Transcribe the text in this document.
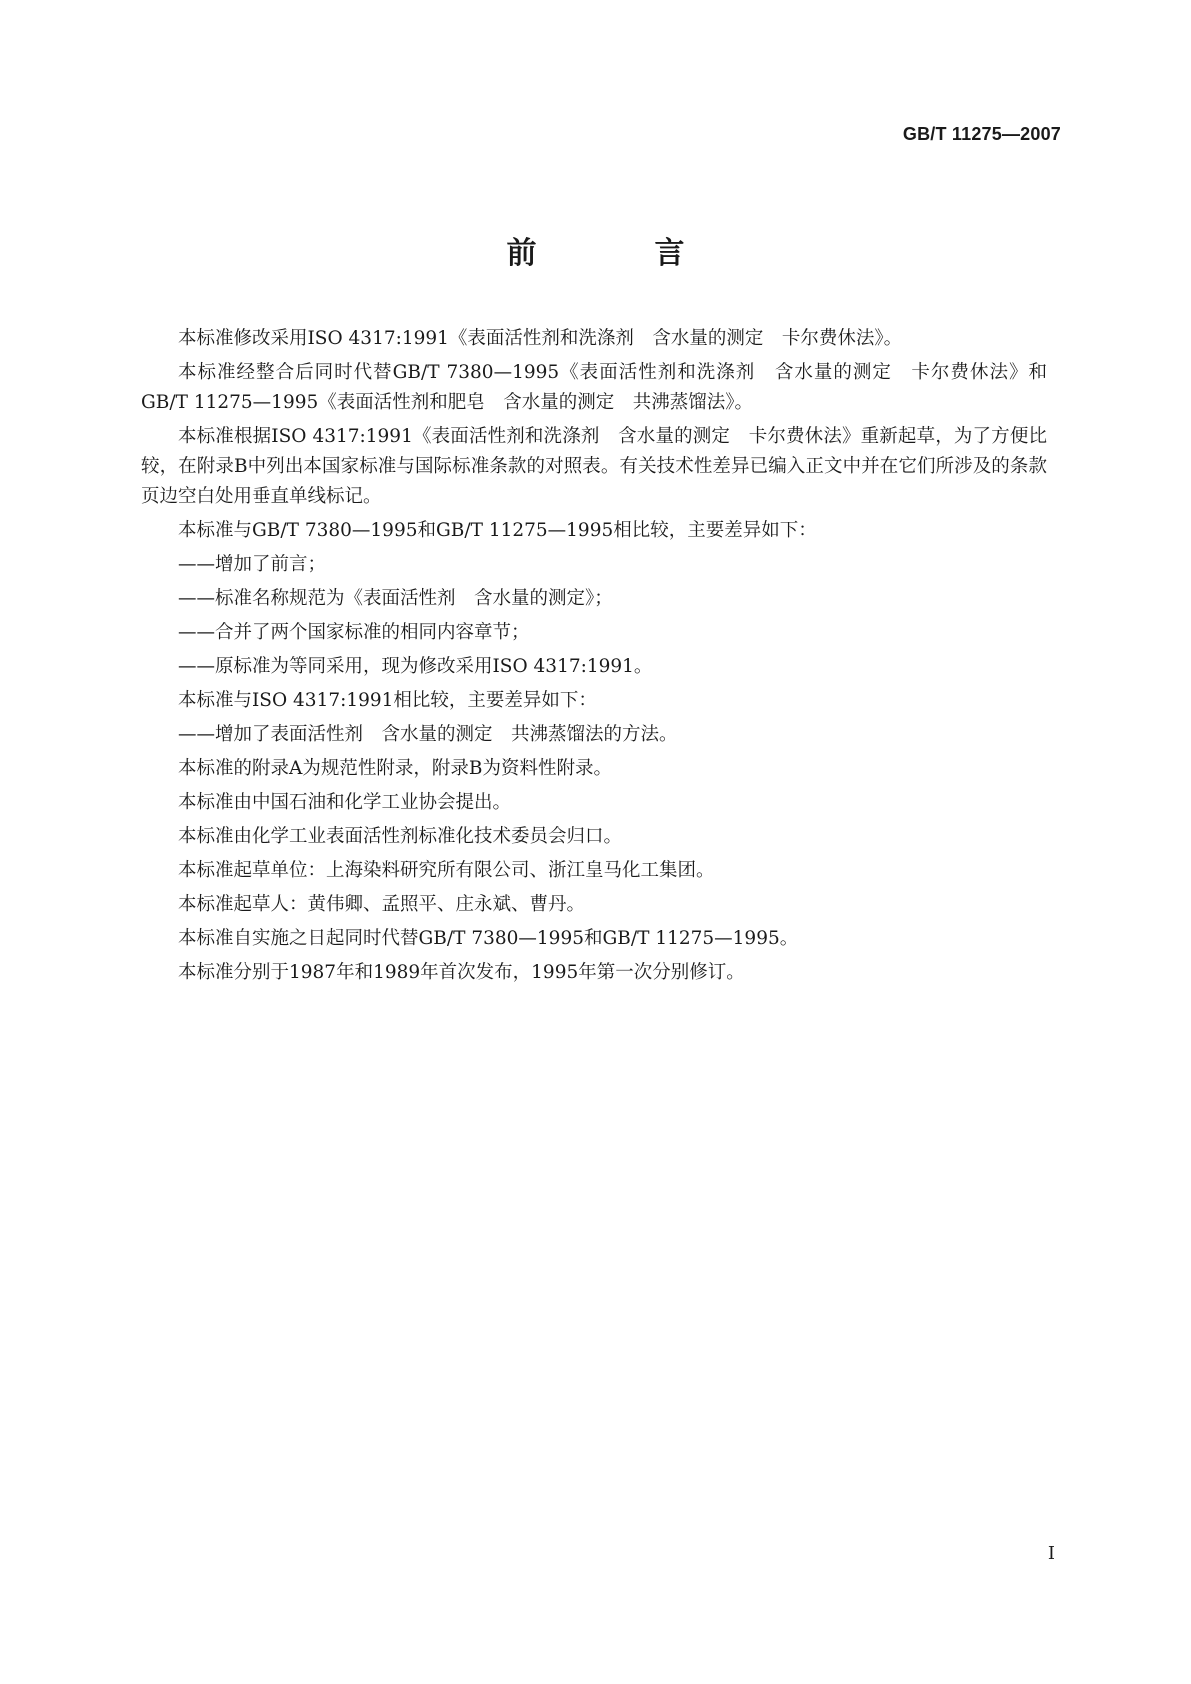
GB/T 11275—2007
前　言

本标准修改采用ISO 4317:1991《表面活性剂和洗涤剂　含水量的测定　卡尔费休法》。

本标准经整合后同时代替GB/T 7380—1995《表面活性剂和洗涤剂　含水量的测定　卡尔费休法》和GB/T 11275—1995《表面活性剂和肥皂　含水量的测定　共沸蒸馏法》。

本标准根据ISO 4317:1991《表面活性剂和洗涤剂　含水量的测定　卡尔费休法》重新起草，为了方便比较，在附录B中列出本国家标准与国际标准条款的对照表。有关技术性差异已编入正文中并在它们所涉及的条款页边空白处用垂直单线标记。

本标准与GB/T 7380—1995和GB/T 11275—1995相比较，主要差异如下：

——增加了前言；

——标准名称规范为《表面活性剂　含水量的测定》；

——合并了两个国家标准的相同内容章节；

——原标准为等同采用，现为修改采用ISO 4317:1991。

本标准与ISO 4317:1991相比较，主要差异如下：

——增加了表面活性剂　含水量的测定　共沸蒸馏法的方法。

本标准的附录A为规范性附录，附录B为资料性附录。

本标准由中国石油和化学工业协会提出。

本标准由化学工业表面活性剂标准化技术委员会归口。

本标准起草单位：上海染料研究所有限公司、浙江皇马化工集团。

本标准起草人：黄伟卿、孟照平、庄永斌、曹丹。

本标准自实施之日起同时代替GB/T 7380—1995和GB/T 11275—1995。

本标准分别于1987年和1989年首次发布，1995年第一次分别修订。

I
